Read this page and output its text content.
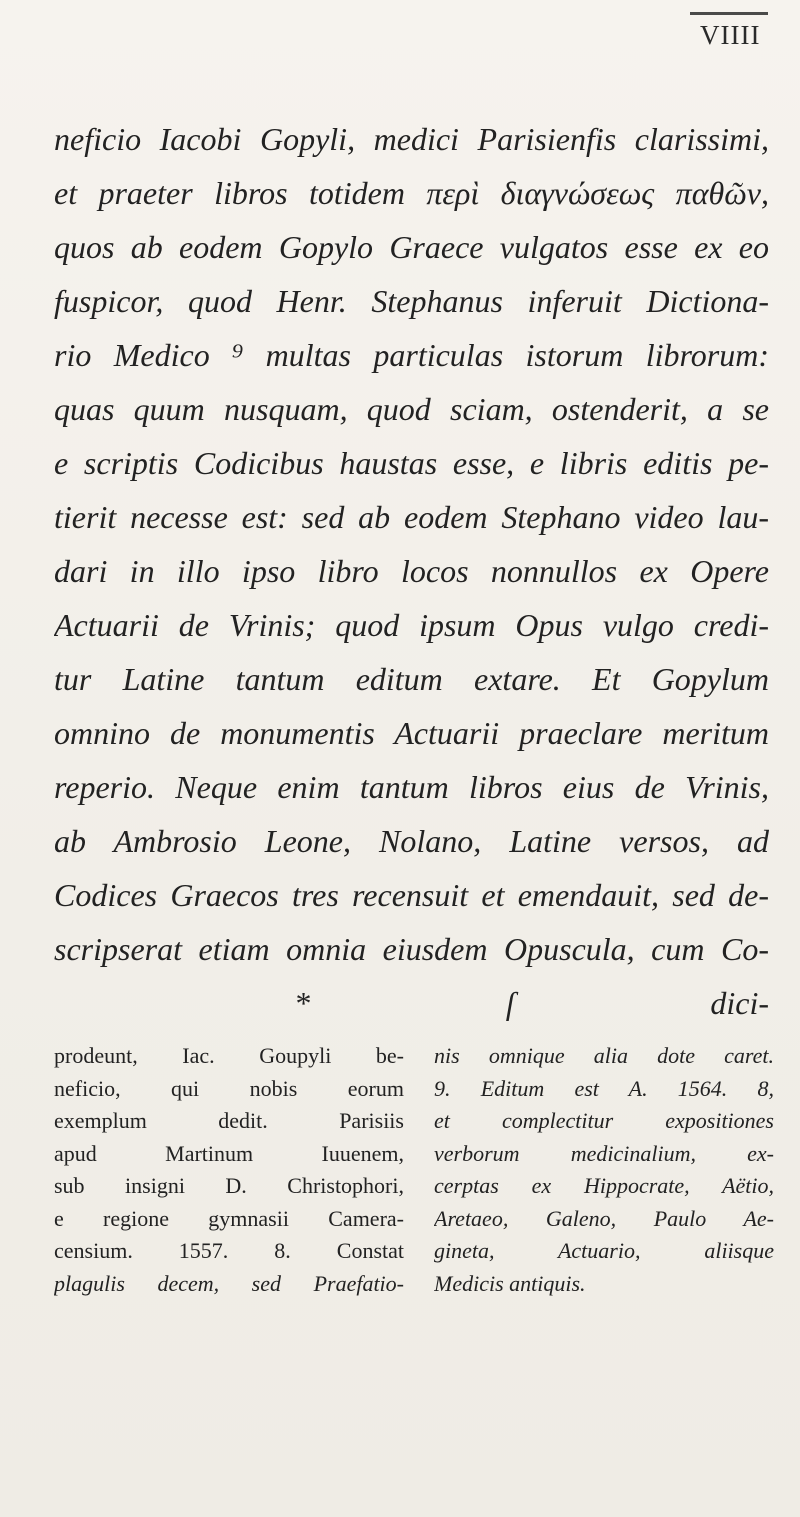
VIIII
neficio Iacobi Gopyli, medici Parisienfis clarissimi,
et praeter libros totidem περὶ διαγνώσεως παθῶν,
quos ab eodem Gopylo Graece vulgatos esse ex eo
fuspicor, quod Henr. Stephanus inferuit Dictiona-
rio Medico ⁹ multas particulas istorum librorum:
quas quum nusquam, quod sciam, ostenderit, a se
e scriptis Codicibus haustas esse, e libris editis pe-
tierit necesse est: sed ab eodem Stephano video lau-
dari in illo ipso libro locos nonnullos ex Opere
Actuarii de Vrinis; quod ipsum Opus vulgo credi-
tur Latine tantum editum extare. Et Gopylum
omnino de monumentis Actuarii praeclare meritum
reperio. Neque enim tantum libros eius de Vrinis,
ab Ambrosio Leone, Nolano, Latine versos, ad
Codices Graecos tres recensuit et emendauit, sed de-
scripserat etiam omnia eiusdem Opuscula, cum Co-
* ſ dici-
prodeunt, Iac. Goupyli be-
neficio, qui nobis eorum
exemplum dedit. Parisiis
apud Martinum Iuuenem,
sub insigni D. Christophori,
e regione gymnasii Camera-
censium. 1557. 8. Constat
plagulis decem, sed Praefatio-
nis omnique alia dote caret.
9. Editum est A. 1564. 8,
et complectitur expositiones
verborum medicinalium, ex-
cerptas ex Hippocrate, Aëtio,
Aretaeo, Galeno, Paulo Ae-
gineta, Actuario, aliisque
Medicis antiquis.
